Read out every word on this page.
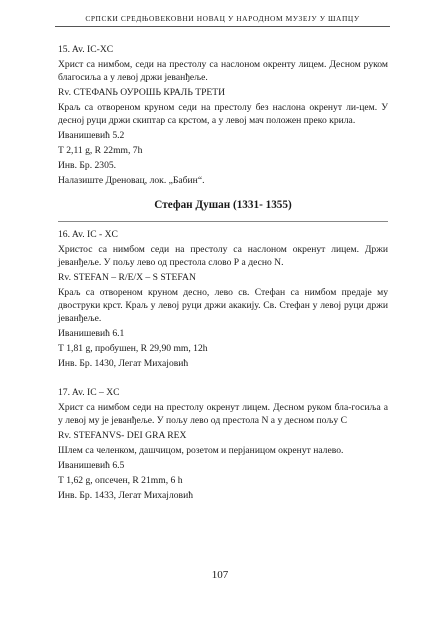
СРПСКИ СРЕДЊОВЕКОВНИ НОВАЦ У НАРОДНОМ МУЗЕЈУ У ШАПЦУ

15. Av. IC-XC

Христ са нимбом, седи на престолу са наслоном окренту лицем. Десном руком благосиља а у левој држи јеванђеље.

Rv. СТЕФАNЬ ОУРОШЬ КРАЛЬ ТРЕТИ

Краљ са отвореном круном седи на престолу без наслона окренут ли-цем. У десној руци држи скиптар са крстом, а у левој мач положен преко крила.

Иванишевић 5.2

Т 2,11 g, R 22mm, 7h

Инв. Бр. 2305.

Налазиште Дреновац, лок. „Бабин“.

Стефан Душан (1331- 1355)

16. Av. IC - XC

Христос са нимбом седи на престолу са наслоном окренут лицем. Држи јеванђеље. У пољу лево од престола слово Р а десно N.

Rv. STEFAN – R/E/X – S STEFAN

Краљ са отвореном круном десно, лево св. Стефан са нимбом предаје му двоструки крст. Краљ у левој руци држи акакију. Св. Стефан у левој руци држи јеванђеље.

Иванишевић 6.1

Т 1,81 g, пробушен, R 29,90 mm, 12h

Инв. Бр. 1430, Легат Михајовић

17. Av. IC – XC

Христ са нимбом седи на престолу окренут лицем. Десном руком бла-госиља а у левој му је јеванђеље. У пољу лево од престола N а у десном пољу С

Rv. STEFANVS- DEI GRA REX

Шлем са челенком, дашчицом, розетом и перјаницом окренут налево.

Иванишевић 6.5

Т 1,62 g, опсечен, R 21mm, 6 h

Инв. Бр. 1433, Легат Михајловић

107
